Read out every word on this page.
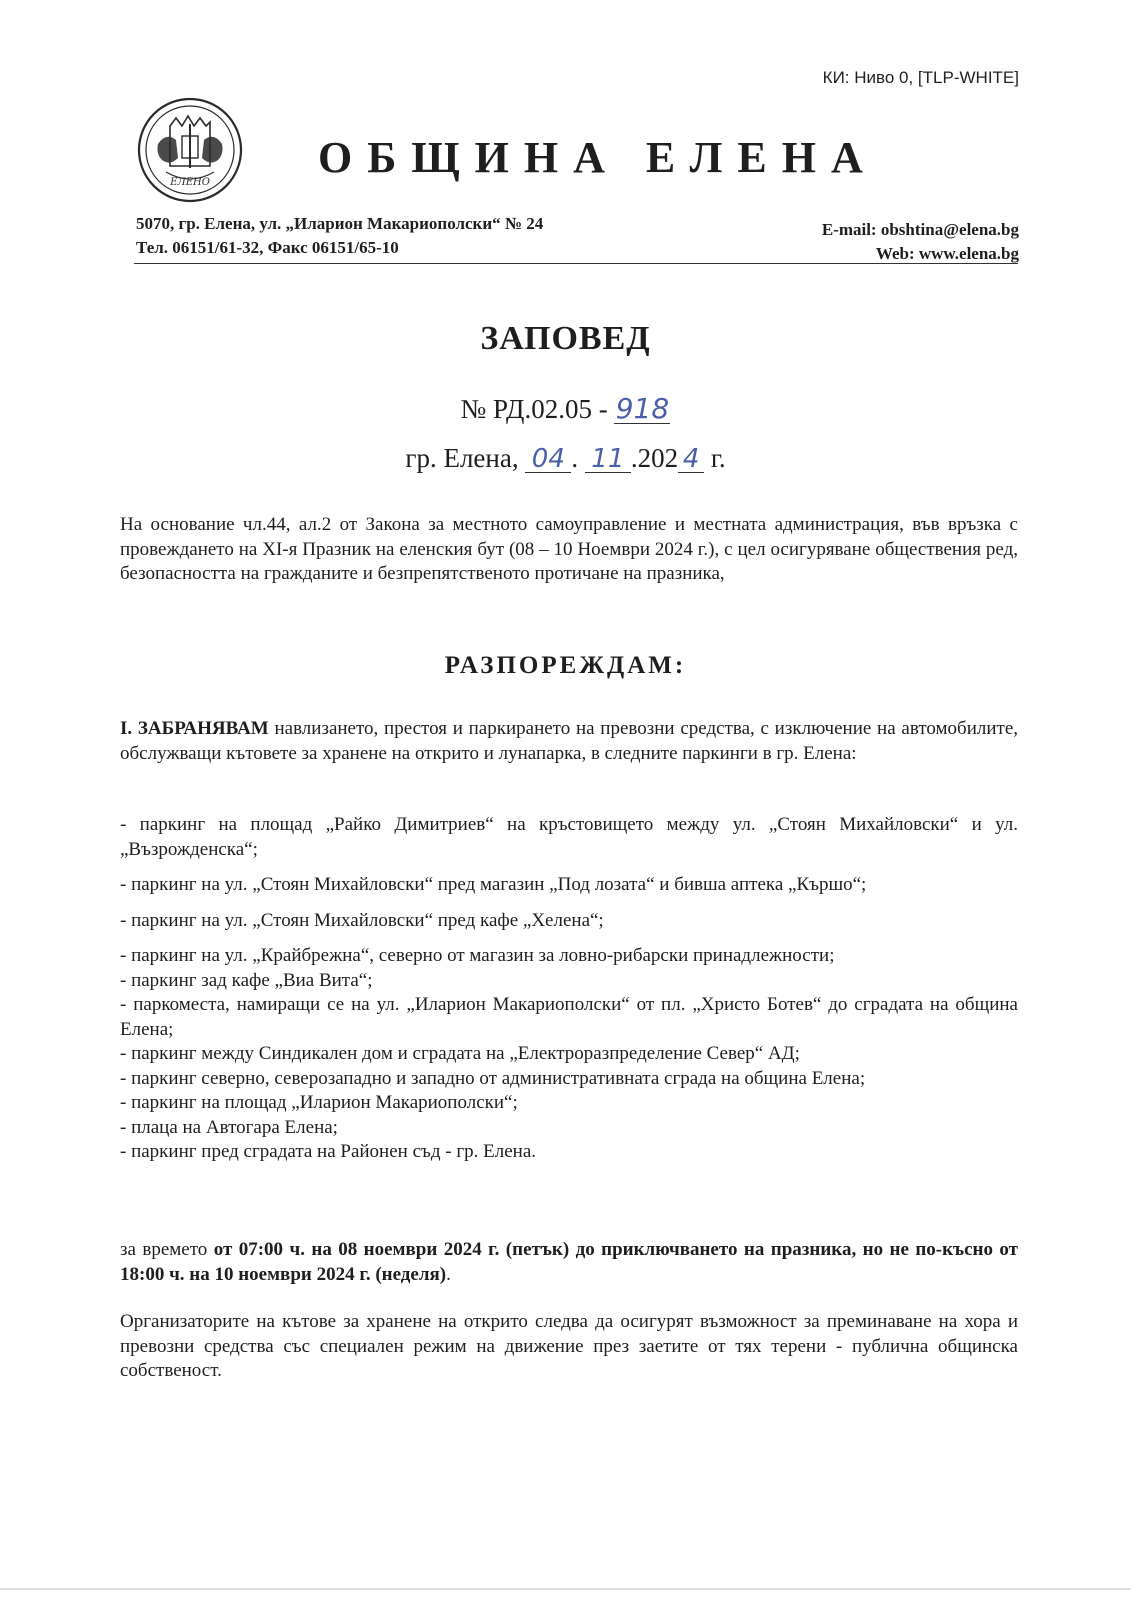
КИ: Ниво 0, [TLP-WHITE]
ЕЛЕНО
ОБЩИНА ЕЛЕНА
5070, гр. Елена, ул. „Иларион Макариополски“ № 24
Тел. 06151/61-32, Факс 06151/65-10
E-mail: obshtina@elena.bg
Web: www.elena.bg
ЗАПОВЕД
№ РД.02.05 - 918
гр. Елена, 04 . 11 .202 4 г.
На основание чл.44, ал.2 от Закона за местното самоуправление и местната администрация, във връзка с провеждането на XI-я Празник на еленския бут (08 – 10 Ноември 2024 г.), с цел осигуряване обществения ред, безопасността на гражданите и безпрепятственото протичане на празника,
РАЗПОРЕЖДАМ:
I. ЗАБРАНЯВАМ навлизането, престоя и паркирането на превозни средства, с изключение на автомобилите, обслужващи кътовете за хранене на открито и лунапарка, в следните паркинги в гр. Елена:

- паркинг на площад „Райко Димитриев“ на кръстовището между ул. „Стоян Михайловски“ и ул. „Възрожденска“;

- паркинг на ул. „Стоян Михайловски“ пред магазин „Под лозата“ и бивша аптека „Кършо“;

- паркинг на ул. „Стоян Михайловски“ пред кафе „Хелена“;

- паркинг на ул. „Крайбрежна“, северно от магазин за ловно-рибарски принадлежности;

- паркинг зад кафе „Виа Вита“;

- паркоместа, намиращи се на ул. „Иларион Макариополски“ от пл. „Христо Ботев“ до сградата на община Елена;

- паркинг между Синдикален дом и сградата на „Електроразпределение Север“ АД;

- паркинг северно, северозападно и западно от административната сграда на община Елена;

- паркинг на площад „Иларион Макариополски“;

- плаца на Автогара Елена;

- паркинг пред сградата на Районен съд - гр. Елена.

за времето от 07:00 ч. на 08 ноември 2024 г. (петък) до приключването на празника, но не по-късно от 18:00 ч. на 10 ноември 2024 г. (неделя).
Организаторите на кътове за хранене на открито следва да осигурят възможност за преминаване на хора и превозни средства със специален режим на движение през заетите от тях терени - публична общинска собственост.
